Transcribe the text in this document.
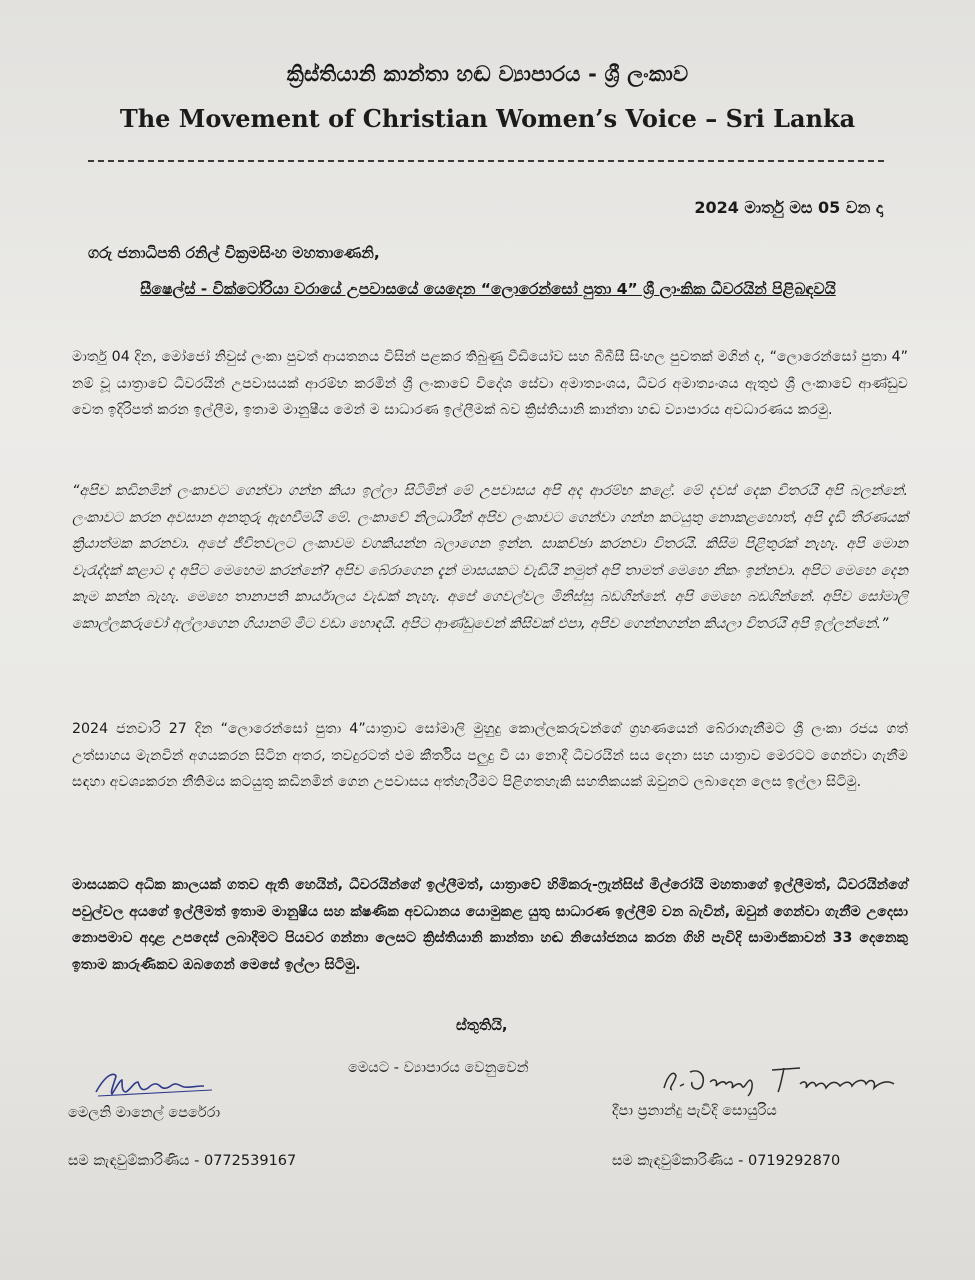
ක්‍රිස්තියානි කාන්තා හඬ ව්‍යාපාරය - ශ්‍රී ලංකාව
The Movement of Christian Women’s Voice – Sri Lanka
2024 මාර්තු මස 05 වන දා
ගරු ජනාධිපති රනිල් වික්‍රමසිංහ මහතාණෙනි,
සීෂෙල්ස් - වික්ටෝරියා වරායේ උපවාසයේ යෙදෙන “ලොරෙන්සෝ පුතා 4” ශ්‍රී ලාංකික ධීවරයින් පිළිබඳවයි

මාර්තු 04 දින, මෝජෝ නිවුස් ලංකා පුවත් ආයතනය විසින් පළකර තිබුණු වීඩියෝව සහ බීබීසී සිංහල පුවතක් මගින් ද, “ලොරෙන්සෝ පුතා 4” නම් වූ යාත්‍රාවේ ධීවරයින් උපවාසයක් ආරම්භ කරමින් ශ්‍රී ලංකාවේ විදේශ සේවා අමාත්‍යංශය, ධීවර අමාත්‍යංශය ඇතුළු ශ්‍රී ලංකාවේ ආණ්ඩුව වෙත ඉදිරිපත් කරන ඉල්ලීම, ඉතාම මානුෂීය මෙන් ම සාධාරණ ඉල්ලීමක් බව ක්‍රිස්තියානි කාන්තා හඬ ව්‍යාපාරය අවධාරණය කරමු.

“අපිව කඩිනමින් ලංකාවට ගෙන්වා ගන්න කියා ඉල්ලා සිටිමින් මේ උපවාසය අපි අද ආරම්භ කළේ. මේ දවස් දෙක විතරයි අපි බලන්නේ. ලංකාවට කරන අවසාන අනතුරු ඇඟවීමයි මේ. ලංකාවේ නිලධාරීන් අපිව ලංකාවට ගෙන්වා ගන්න කටයුතු නොකළහොත්, අපි දැඩි තීරණයක් ක්‍රියාත්මක කරනවා. අපේ ජීවිතවලට ලංකාවම වගකියන්න බලාගෙන ඉන්න. සාකච්ඡා කරනවා විතරයි. කිසිම පිළිතුරක් නැහැ. අපි මොන වැරැද්දක් කළාට ද අපිට මෙහෙම කරන්නේ? අපිව බේරාගෙන දැන් මාසයකට වැඩියි නමුත් අපි තාමත් මෙහෙ නිකං ඉන්නවා. අපිට මෙහෙ දෙන කෑම කන්න බැහැ. මෙහෙ තානාපති කාර්යාලය වැඩක් නැහැ. අපේ ගෙවල්වල මිනිස්සු බඩගින්නේ. අපි මෙහෙ බඩගින්නේ. අපිව සෝමාලි කොල්ලකරුවෝ අල්ලාගෙන ගියානම් මීට වඩා හොඳයි. අපිට ආණ්ඩුවෙන් කිසිවක් එපා, අපිව ගෙන්නගන්න කියලා විතරයි අපි ඉල්ලන්නේ.”

2024 ජනවාරි 27 දින “ලොරෙන්සෝ පුතා 4”යාත්‍රාව සෝමාලි මුහුදු කොල්ලකරුවන්ගේ ග්‍රහණයෙන් බේරාගැනීමට ශ්‍රී ලංකා රජය ගත් උත්සාහය මැනවින් අගයකරන සිටින අතර, තවදුරටත් එම කීර්තිය පලුදු වී යා නොදී ධීවරයින් සය දෙනා සහ යාත්‍රාව මෙරටට ගෙන්වා ගැනීම සඳහා අවශ්‍යකරන නීතිමය කටයුතු කඩිනමින් ගෙන උපවාසය අත්හැරීමට පිළිගතහැකි සහතිකයක් ඔවුනට ලබාදෙන ලෙස ඉල්ලා සිටිමු.

මාසයකට අධික කාලයක් ගතව ඇති හෙයින්, ධීවරයින්ගේ ඉල්ලීමත්, යාත්‍රාවේ හිමිකරු-ෆ්‍රැන්සිස් මිල්රෝයි මහතාගේ ඉල්ලීමත්, ධීවරයින්ගේ පවුල්වල අයගේ ඉල්ලීමත් ඉතාම මානුෂීය සහ ක්ෂණික අවධානය යොමුකළ යුතු සාධාරණ ඉල්ලීම් වන බැවින්, ඔවුන් ගෙන්වා ගැනීම උදෙසා නොපමාව අදාළ උපදෙස් ලබාදීමට පියවර ගන්නා ලෙසට ක්‍රිස්තියානි කාන්තා හඬ නියෝජනය කරන ගිහි පැවිදි සාමාජිකාවන් 33 දෙනෙකු ඉතාම කාරුණිකව ඔබගෙන් මෙසේ ඉල්ලා සිටිමු.

ස්තුතියි,
මෙයට - ව්‍යාපාරය වෙනුවෙන්
මෙලනි මානෙල් පෙරේරා	දීපා ප්‍රනාන්දු පැවිදි සොයුරිය
සම කැඳවුම්කාරිණිය - 0772539167	සම කැඳවුම්කාරිණිය - 0719292870
